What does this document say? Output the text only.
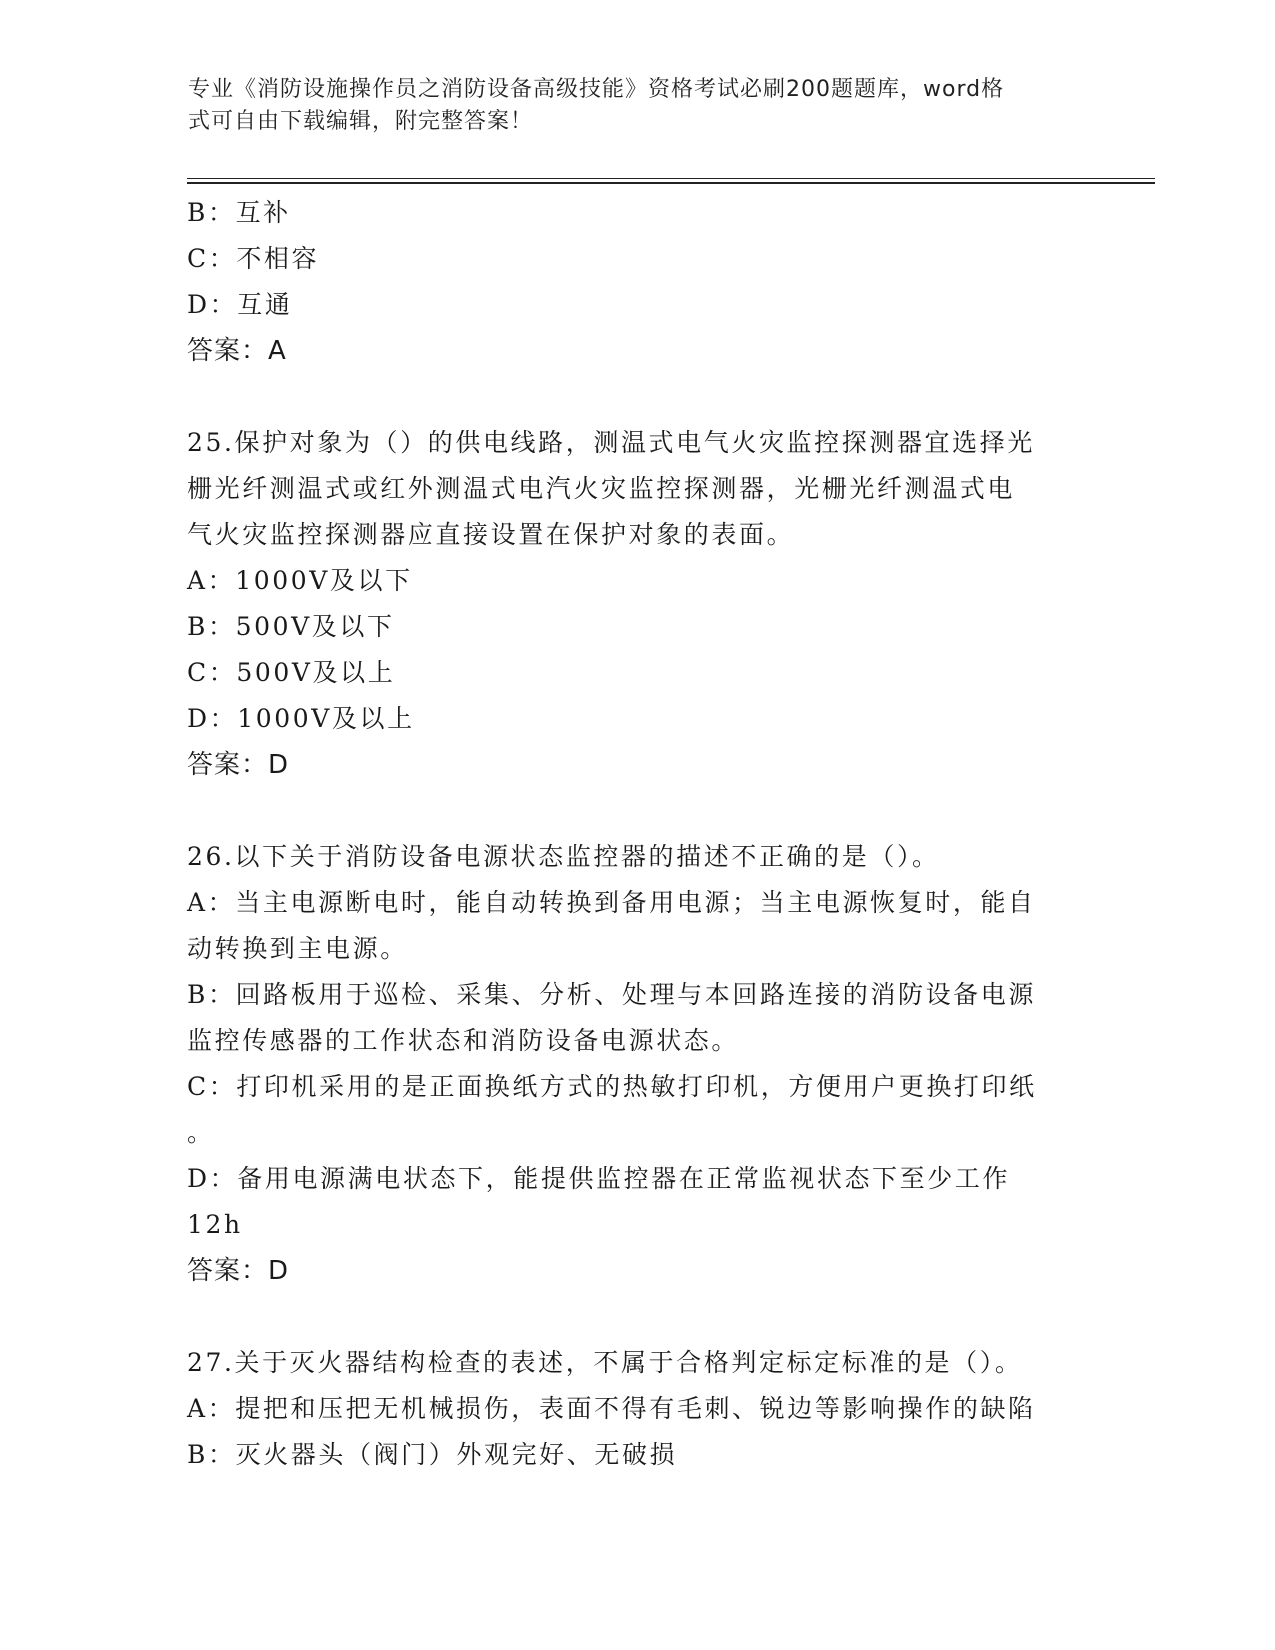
专业《消防设施操作员之消防设备高级技能》资格考试必刷200题题库，word格
式可自由下载编辑，附完整答案！
B：互补
C：不相容
D：互通
答案：A
25.保护对象为（）的供电线路，测温式电气火灾监控探测器宜选择光
栅光纤测温式或红外测温式电汽火灾监控探测器，光栅光纤测温式电
气火灾监控探测器应直接设置在保护对象的表面。
A：1000V及以下
B：500V及以下
C：500V及以上
D：1000V及以上
答案：D
26.以下关于消防设备电源状态监控器的描述不正确的是（）。
A：当主电源断电时，能自动转换到备用电源；当主电源恢复时，能自
动转换到主电源。
B：回路板用于巡检、采集、分析、处理与本回路连接的消防设备电源
监控传感器的工作状态和消防设备电源状态。
C：打印机采用的是正面换纸方式的热敏打印机，方便用户更换打印纸
。
D：备用电源满电状态下，能提供监控器在正常监视状态下至少工作
12h
答案：D
27.关于灭火器结构检查的表述，不属于合格判定标定标准的是（）。
A：提把和压把无机械损伤，表面不得有毛刺、锐边等影响操作的缺陷
B：灭火器头（阀门）外观完好、无破损
